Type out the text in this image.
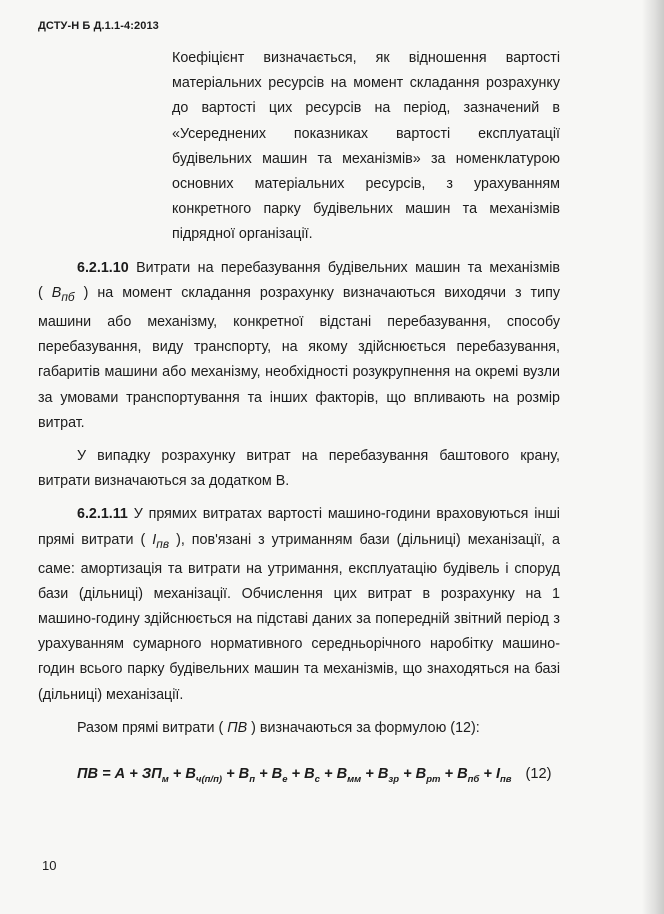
ДСТУ-Н Б Д.1.1-4:2013

Коефіцієнт визначається, як відношення вартості матеріальних ресурсів на момент складання розрахунку до вартості цих ресурсів на період, зазначений в «Усереднених показниках вартості експлуатації будівельних машин та механізмів» за номенклатурою основних матеріальних ресурсів, з урахуванням конкретного парку будівельних машин та механізмів підрядної організації.

6.2.1.10 Витрати на перебазування будівельних машин та механізмів ( $В_{пб}$ ) на момент складання розрахунку визначаються виходячи з типу машини або механізму, конкретної відстані перебазування, способу перебазування, виду транспорту, на якому здійснюється перебазування, габаритів машини або механізму, необхідності розукрупнення на окремі вузли за умовами транспортування та інших факторів, що впливають на розмір витрат.

У випадку розрахунку витрат на перебазування баштового крану, витрати визначаються за додатком В.

6.2.1.11 У прямих витратах вартості машино-години враховуються інші прямі витрати ( $І_{пв}$ ), пов'язані з утриманням бази (дільниці) механізації, а саме: амортизація та витрати на утримання, експлуатацію будівель і споруд бази (дільниці) механізації. Обчислення цих витрат в розрахунку на 1 машино-годину здійснюється на підставі даних за попередній звітний період з урахуванням сумарного нормативного середньорічного наробітку машино-годин всього парку будівельних машин та механізмів, що знаходяться на базі (дільниці) механізації.

Разом прямі витрати ( ПВ ) визначаються за формулою (12):

ПВ = $А + ЗП_м + В_{ч(п/п)} + В_п + В_е + В_с + В_{мм} + В_{зр} + В_{рт} + В_{пб} + І_{пв}$ (12)
10
